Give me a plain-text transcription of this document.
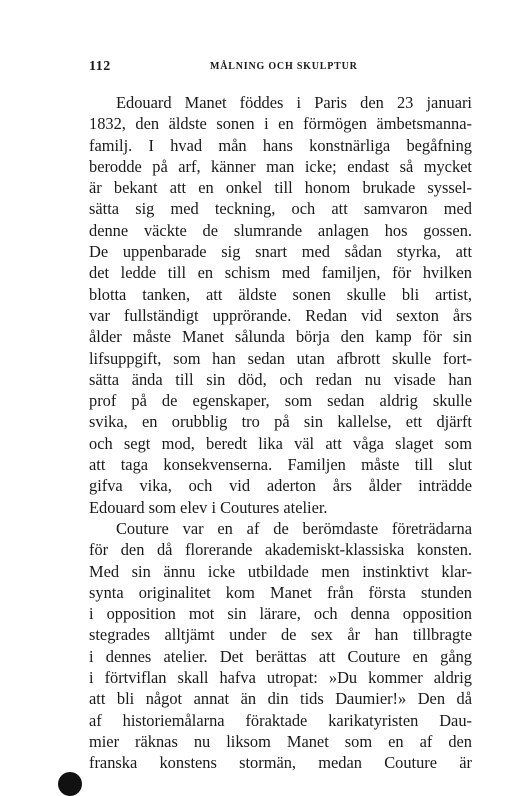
112	MÅLNING OCH SKULPTUR
Edouard Manet föddes i Paris den 23 januari
1832, den äldste sonen i en förmögen ämbetsmanna-
familj. I hvad mån hans konstnärliga begåfning
berodde på arf, känner man icke; endast så mycket
är bekant att en onkel till honom brukade syssel-
sätta sig med teckning, och att samvaron med
denne väckte de slumrande anlagen hos gossen.
De uppenbarade sig snart med sådan styrka, att
det ledde till en schism med familjen, för hvilken
blotta tanken, att äldste sonen skulle bli artist,
var fullständigt upprörande. Redan vid sexton års
ålder måste Manet sålunda börja den kamp för sin
lifsuppgift, som han sedan utan afbrott skulle fort-
sätta ända till sin död, och redan nu visade han
prof på de egenskaper, som sedan aldrig skulle
svika, en orubblig tro på sin kallelse, ett djärft
och segt mod, beredt lika väl att våga slaget som
att taga konsekvenserna. Familjen måste till slut
gifva vika, och vid aderton års ålder inträdde
Edouard som elev i Coutures atelier.
Couture var en af de berömdaste företrädarna
för den då florerande akademiskt-klassiska konsten.
Med sin ännu icke utbildade men instinktivt klar-
synta originalitet kom Manet från första stunden
i opposition mot sin lärare, och denna opposition
stegrades alltjämt under de sex år han tillbragte
i dennes atelier. Det berättas att Couture en gång
i förtviflan skall hafva utropat: »Du kommer aldrig
att bli något annat än din tids Daumier!» Den då
af historiemålarna föraktade karikatyristen Dau-
mier räknas nu liksom Manet som en af den
franska konstens stormän, medan Couture är
